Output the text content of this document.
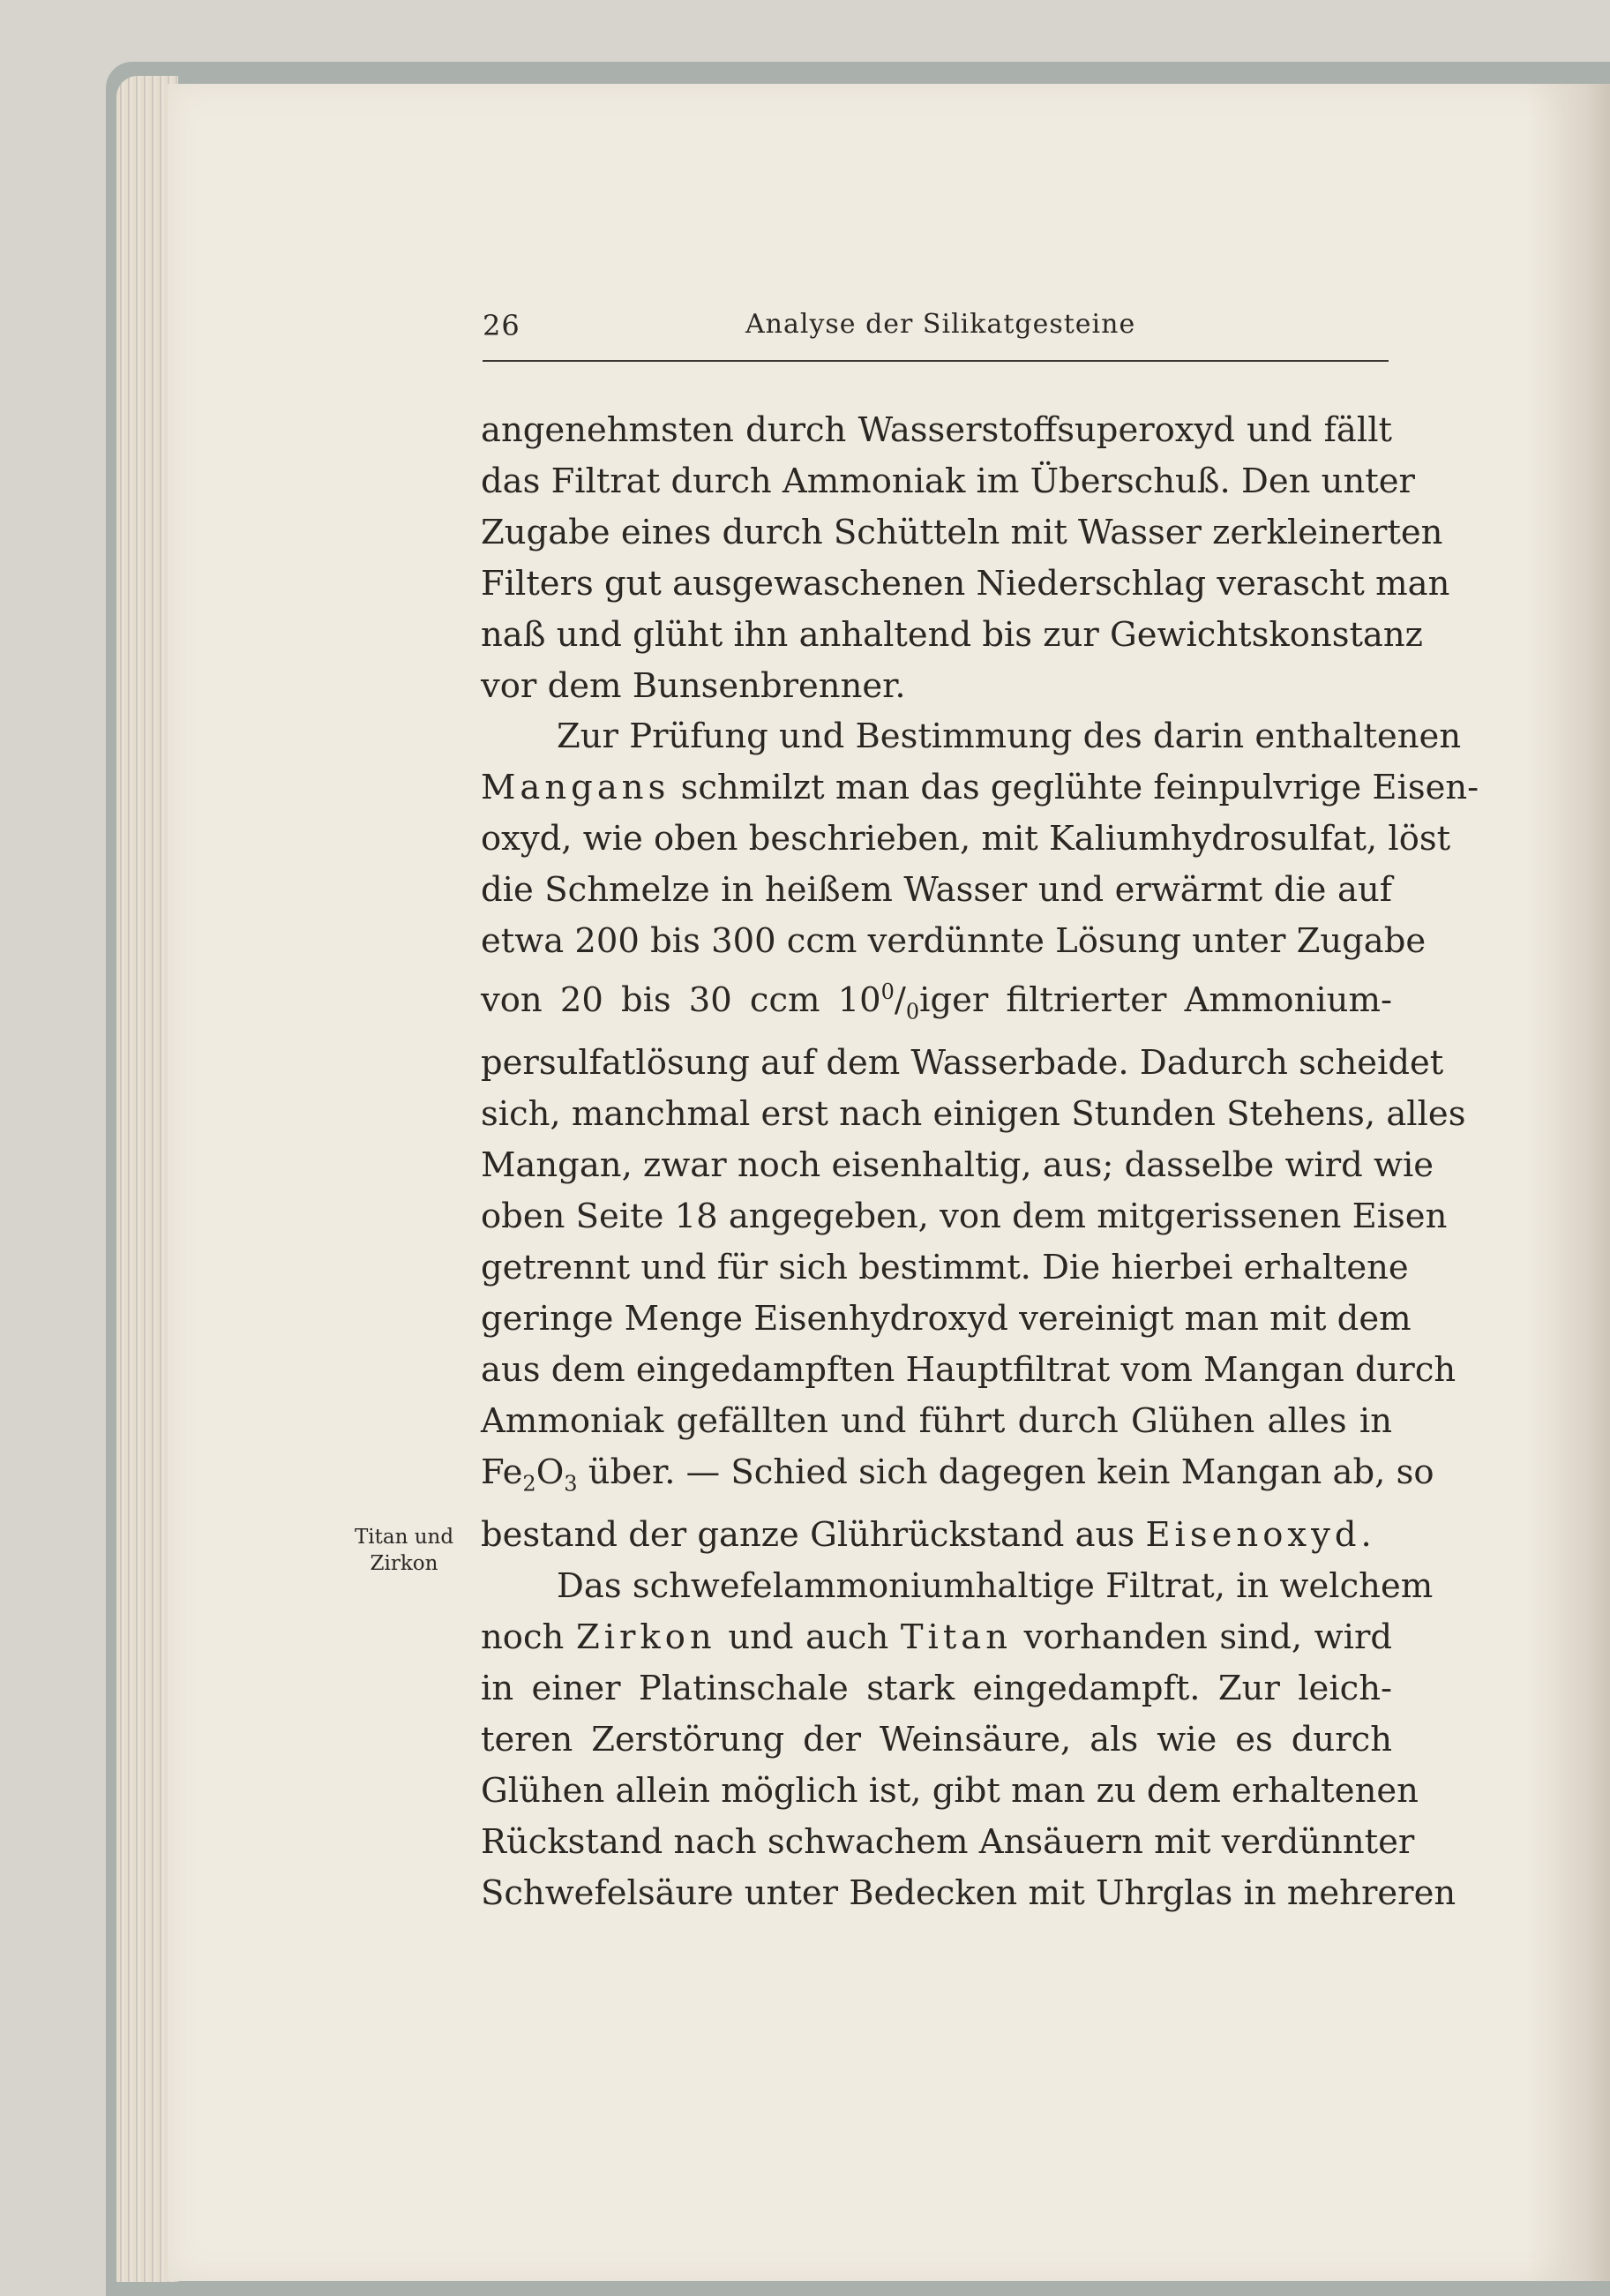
26	Analyse der Silikatgesteine
Titan und
Zirkon
angenehmsten durch Wasserstoffsuperoxyd und fällt
das Filtrat durch Ammoniak im Überschuß. Den unter
Zugabe eines durch Schütteln mit Wasser zerkleinerten
Filters gut ausgewaschenen Niederschlag verascht man
naß und glüht ihn anhaltend bis zur Gewichtskonstanz
vor dem Bunsenbrenner.
Zur Prüfung und Bestimmung des darin enthaltenen
Mangans schmilzt man das geglühte feinpulvrige Eisen-
oxyd, wie oben beschrieben, mit Kaliumhydrosulfat, löst
die Schmelze in heißem Wasser und erwärmt die auf
etwa 200 bis 300 ccm verdünnte Lösung unter Zugabe
von 20 bis 30 ccm $10^0/_0iger$ filtrierter Ammonium-
persulfatlösung auf dem Wasserbade. Dadurch scheidet
sich, manchmal erst nach einigen Stunden Stehens, alles
Mangan, zwar noch eisenhaltig, aus; dasselbe wird wie
oben Seite 18 angegeben, von dem mitgerissenen Eisen
getrennt und für sich bestimmt. Die hierbei erhaltene
geringe Menge Eisenhydroxyd vereinigt man mit dem
aus dem eingedampften Hauptfiltrat vom Mangan durch
Ammoniak gefällten und führt durch Glühen alles in
$Fe_2O_3$ über. — Schied sich dagegen kein Mangan ab, so
bestand der ganze Glührückstand aus Eisenoxyd.
Das schwefelammoniumhaltige Filtrat, in welchem
noch Zirkon und auch Titan vorhanden sind, wird
in einer Platinschale stark eingedampft. Zur leich-
teren Zerstörung der Weinsäure, als wie es durch
Glühen allein möglich ist, gibt man zu dem erhaltenen
Rückstand nach schwachem Ansäuern mit verdünnter
Schwefelsäure unter Bedecken mit Uhrglas in mehreren
